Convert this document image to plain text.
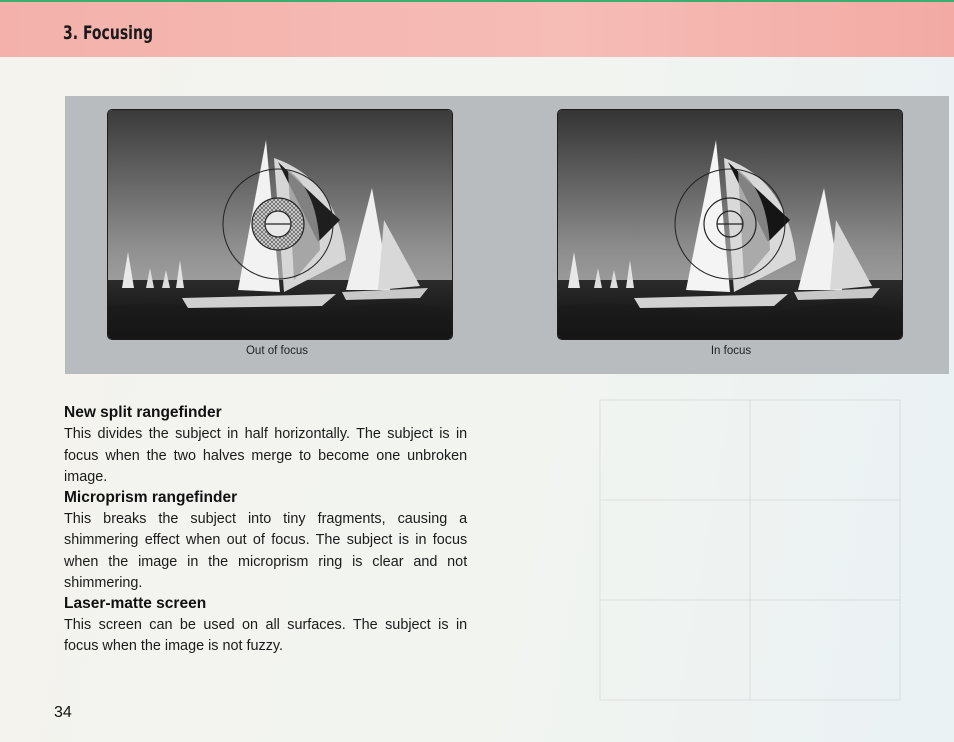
3. Focusing
Out of focus	In focus
New split rangefinder
This divides the subject in half horizontally. The subject is in focus when the two halves merge to become one unbroken image.
Microprism rangefinder
This breaks the subject into tiny fragments, causing a shimmering effect when out of focus. The subject is in focus when the image in the microprism ring is clear and not shimmering.
Laser-matte screen
This screen can be used on all surfaces. The subject is in focus when the image is not fuzzy.
34
